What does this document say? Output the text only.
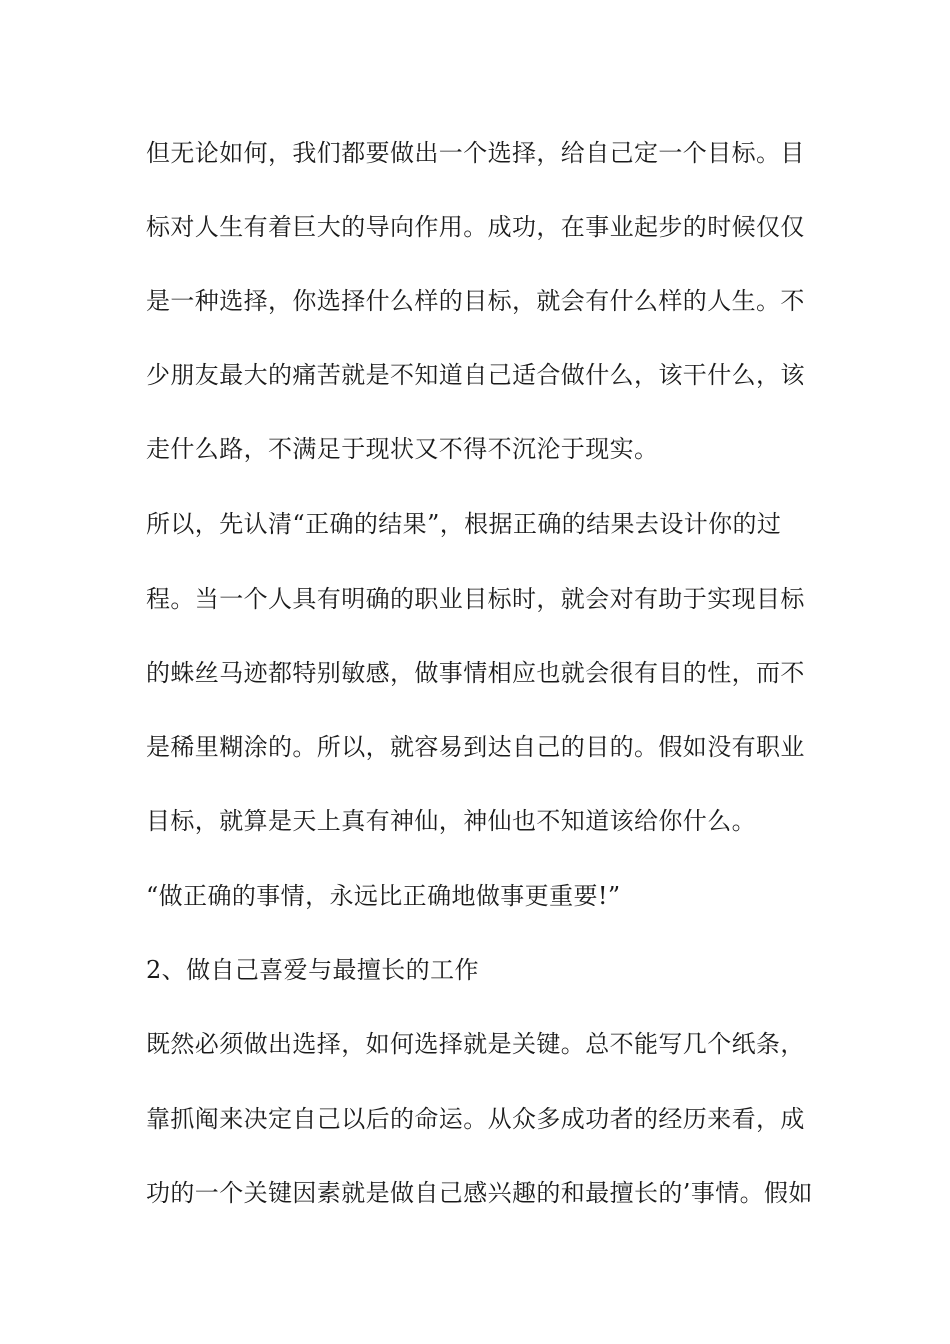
但无论如何，我们都要做出一个选择，给自己定一个目标。目
标对人生有着巨大的导向作用。成功，在事业起步的时候仅仅
是一种选择，你选择什么样的目标，就会有什么样的人生。不
少朋友最大的痛苦就是不知道自己适合做什么，该干什么，该
走什么路，不满足于现状又不得不沉沦于现实。
所以，先认清“正确的结果”，根据正确的结果去设计你的过
程。当一个人具有明确的职业目标时，就会对有助于实现目标
的蛛丝马迹都特别敏感，做事情相应也就会很有目的性，而不
是稀里糊涂的。所以，就容易到达自己的目的。假如没有职业
目标，就算是天上真有神仙，神仙也不知道该给你什么。
“做正确的事情，永远比正确地做事更重要!”
2、做自己喜爱与最擅长的工作
既然必须做出选择，如何选择就是关键。总不能写几个纸条，
靠抓阄来决定自己以后的命运。从众多成功者的经历来看，成
功的一个关键因素就是做自己感兴趣的和最擅长的’事情。假如
